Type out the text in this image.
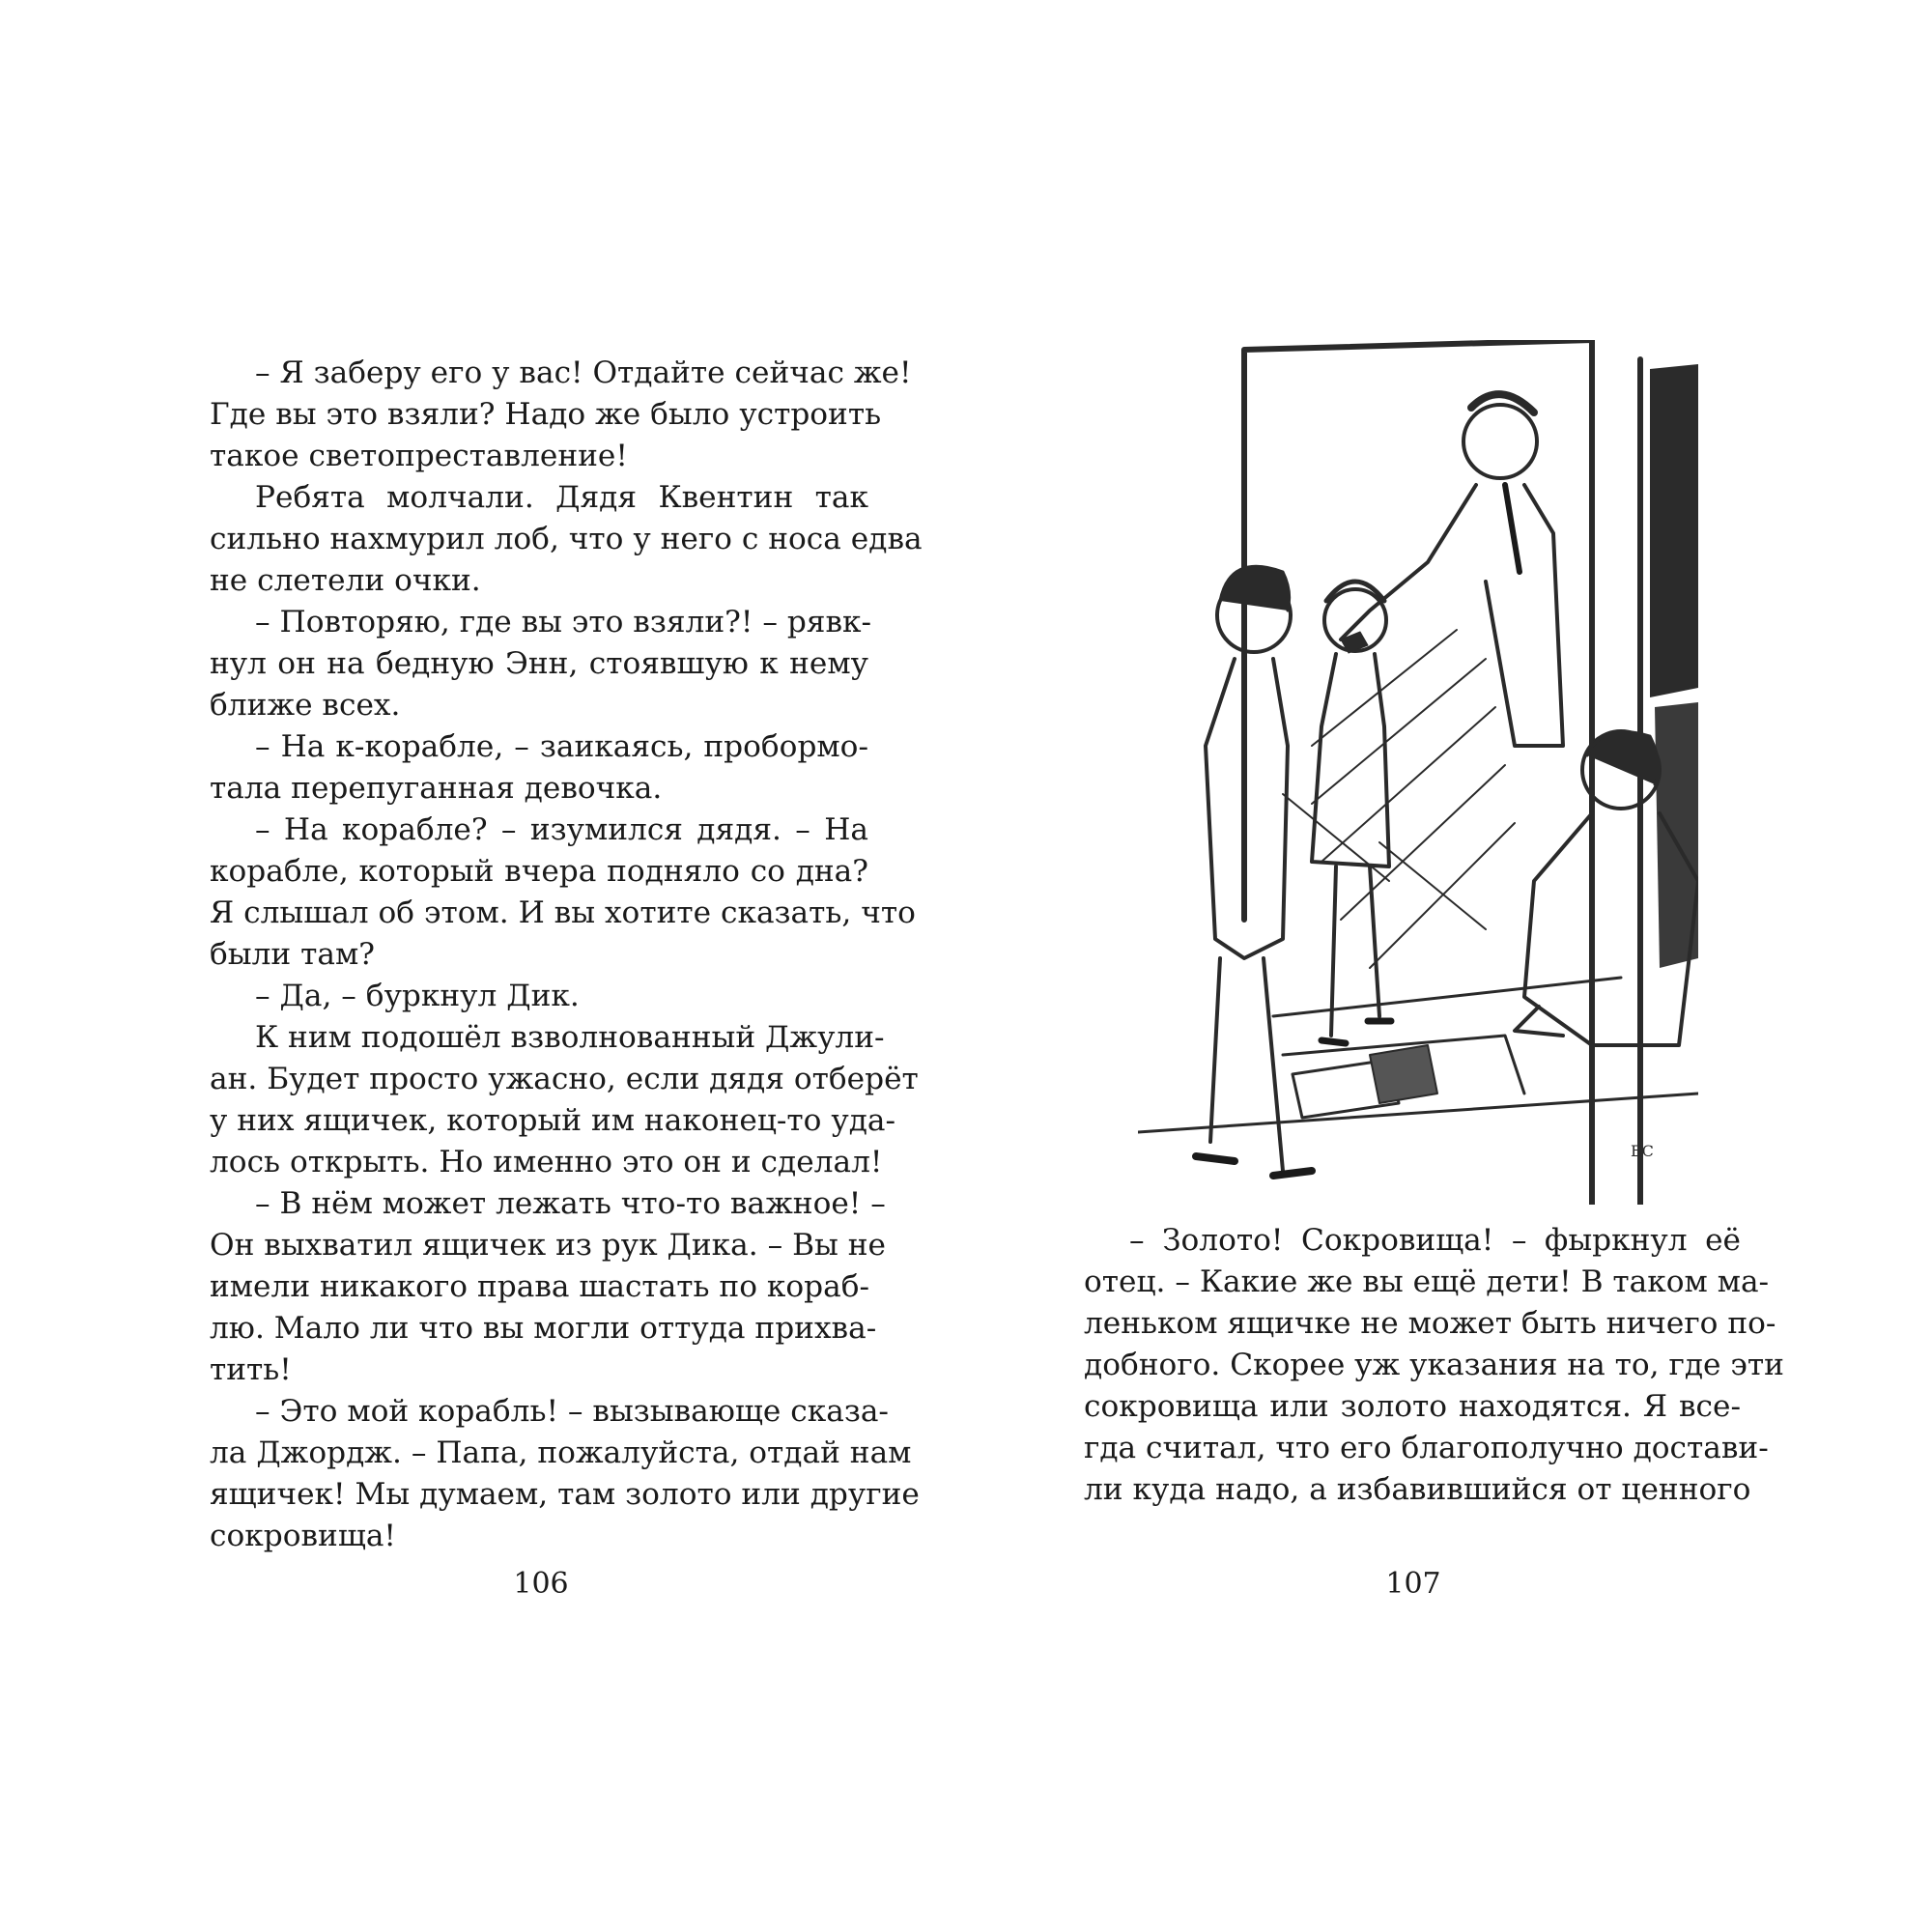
– Я заберу его у вас! Отдайте сейчас же!
Где вы это взяли? Надо же было устроить
такое светопреставление!
Ребята молчали. Дядя Квентин так
сильно нахмурил лоб, что у него с носа едва
не слетели очки.
– Повторяю, где вы это взяли?! – рявк-
нул он на бедную Энн, стоявшую к нему
ближе всех.
– На к-корабле, – заикаясь, пробормо-
тала перепуганная девочка.
– На корабле? – изумился дядя. – На
корабле, который вчера подняло со дна?
Я слышал об этом. И вы хотите сказать, что
были там?
– Да, – буркнул Дик.
К ним подошёл взволнованный Джули-
ан. Будет просто ужасно, если дядя отберёт
у них ящичек, который им наконец-то уда-
лось открыть. Но именно это он и сделал!
– В нём может лежать что-то важное! –
Он выхватил ящичек из рук Дика. – Вы не
имели никакого права шастать по кораб-
лю. Мало ли что вы могли оттуда прихва-
тить!
– Это мой корабль! – вызывающе сказа-
ла Джордж. – Папа, пожалуйста, отдай нам
ящичек! Мы думаем, там золото или другие
сокровища!
106
ЕС
– Золото! Сокровища! – фыркнул её
отец. – Какие же вы ещё дети! В таком ма-
леньком ящичке не может быть ничего по-
добного. Скорее уж указания на то, где эти
сокровища или золото находятся. Я все-
гда считал, что его благополучно достави-
ли куда надо, а избавившийся от ценного
107
